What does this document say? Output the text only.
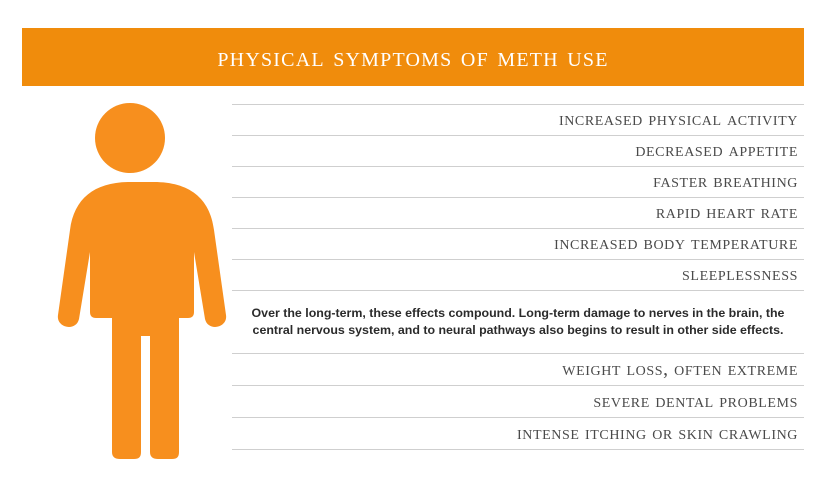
physical symptoms of meth use
increased physical activity
decreased appetite
faster breathing
rapid heart rate
increased body temperature
sleeplessness

Over the long-term, these effects compound. Long-term damage to nerves in the brain, the central nervous system, and to neural pathways also begins to result in other side effects.

weight loss, often extreme
severe dental problems
intense itching or skin crawling
